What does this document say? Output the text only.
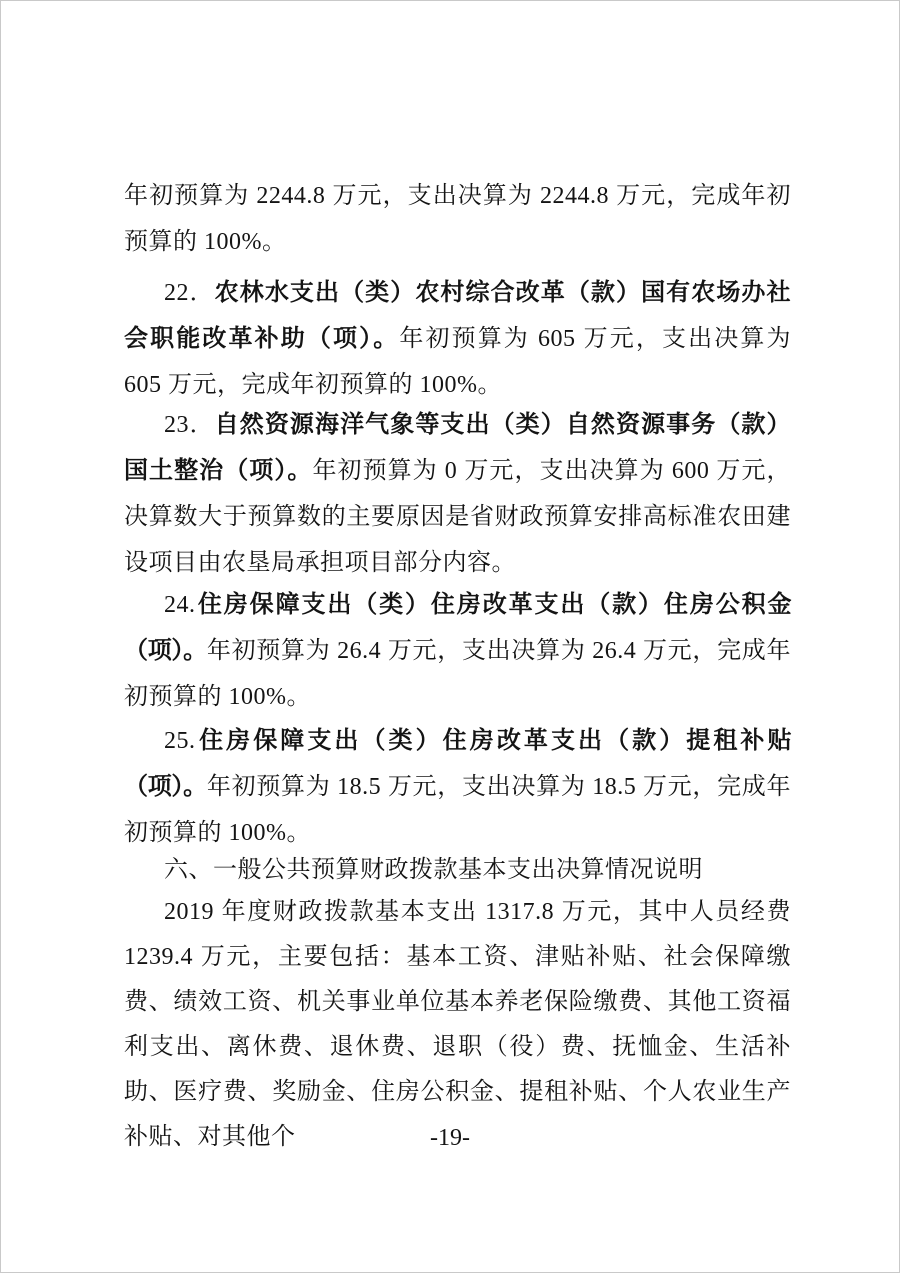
年初预算为 2244.8 万元，支出决算为 2244.8 万元，完成年初预算的 100%。

22．农林水支出（类）农村综合改革（款）国有农场办社会职能改革补助（项）。年初预算为 605 万元，支出决算为 605 万元，完成年初预算的 100%。

23．自然资源海洋气象等支出（类）自然资源事务（款）国土整治（项）。年初预算为 0 万元，支出决算为 600 万元，决算数大于预算数的主要原因是省财政预算安排高标准农田建设项目由农垦局承担项目部分内容。

24.住房保障支出（类）住房改革支出（款）住房公积金（项）。年初预算为 26.4 万元，支出决算为 26.4 万元，完成年初预算的 100%。

25.住房保障支出（类）住房改革支出（款）提租补贴（项）。年初预算为 18.5 万元，支出决算为 18.5 万元，完成年初预算的 100%。

六、一般公共预算财政拨款基本支出决算情况说明

2019 年度财政拨款基本支出 1317.8 万元，其中人员经费 1239.4 万元，主要包括：基本工资、津贴补贴、社会保障缴费、绩效工资、机关事业单位基本养老保险缴费、其他工资福利支出、离休费、退休费、退职（役）费、抚恤金、生活补助、医疗费、奖励金、住房公积金、提租补贴、个人农业生产补贴、对其他个	-19-
